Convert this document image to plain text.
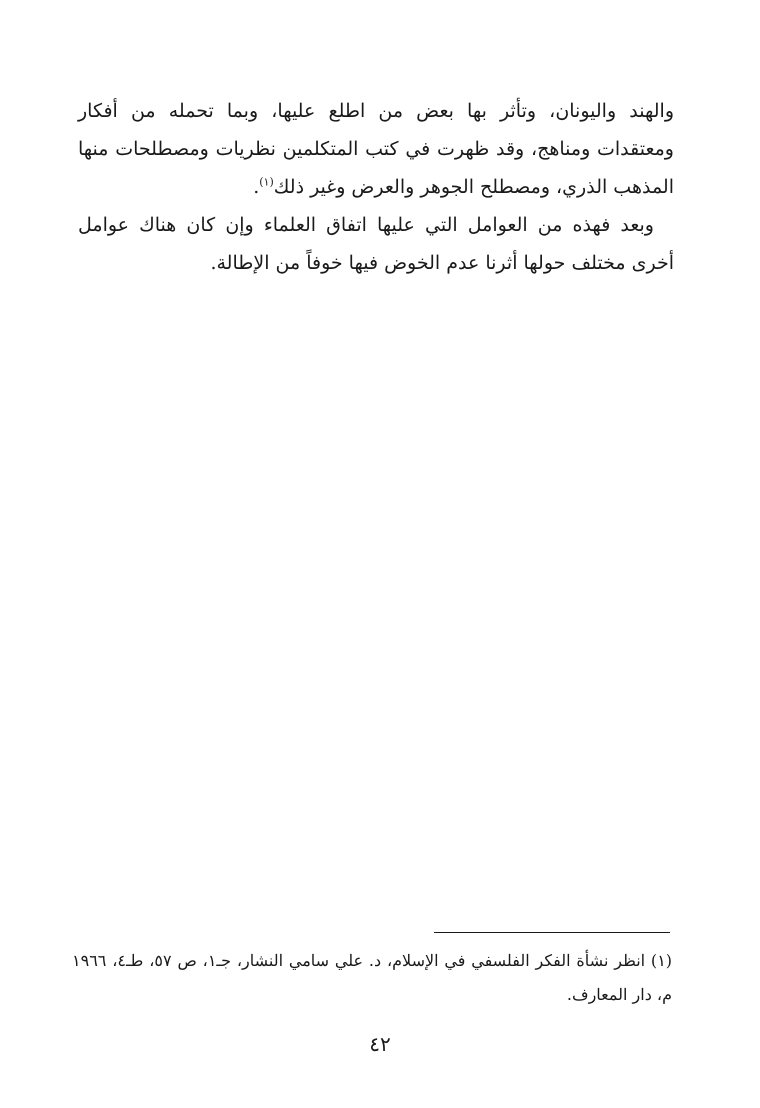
والهند واليونان، وتأثر بها بعض من اطلع عليها، وبما تحمله من أفكار ومعتقدات ومناهج، وقد ظهرت في كتب المتكلمين نظريات ومصطلحات منها المذهب الذري، ومصطلح الجوهر والعرض وغير ذلك$^{(١)}$.

وبعد فهذه من العوامل التي عليها اتفاق العلماء وإن كان هناك عوامل أخرى مختلف حولها أثرنا عدم الخوض فيها خوفاً من الإطالة.

(١) انظر نشأة الفكر الفلسفي في الإسلام، د. علي سامي النشار، جـ١، ص ٥٧، طـ٤، ١٩٦٦ م، دار المعارف.

٤٢
